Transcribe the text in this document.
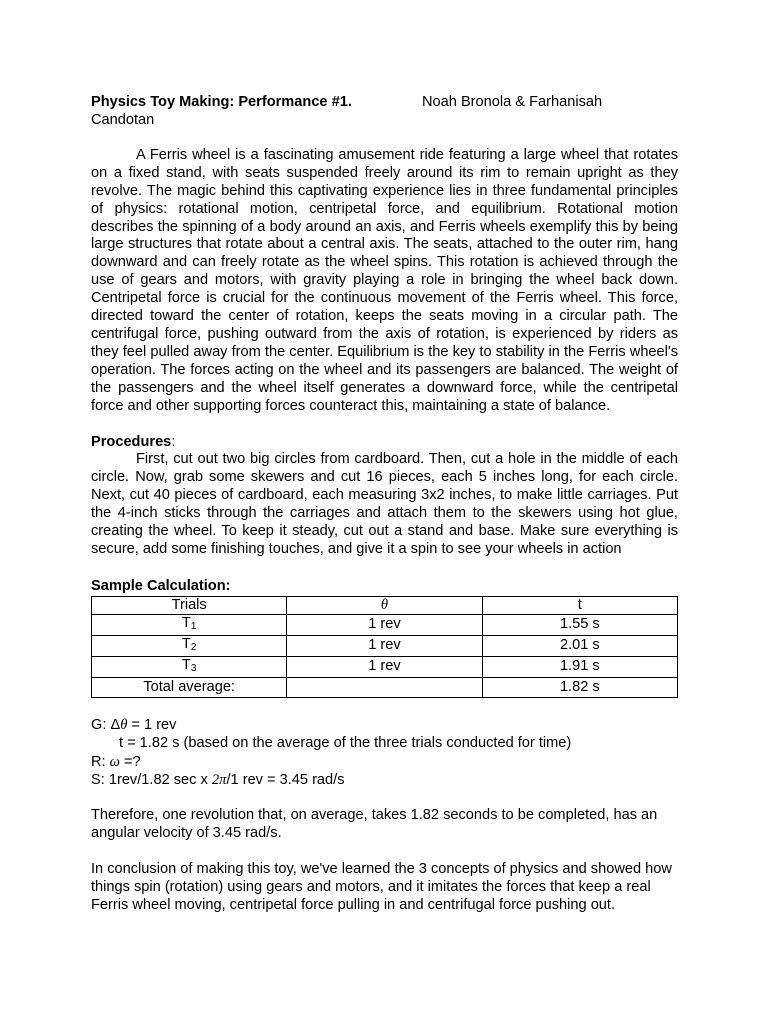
Physics Toy Making: Performance #1.	Noah Bronola & Farhanisah

Candotan

A Ferris wheel is a fascinating amusement ride featuring a large wheel that rotates on a fixed stand, with seats suspended freely around its rim to remain upright as they revolve. The magic behind this captivating experience lies in three fundamental principles of physics: rotational motion, centripetal force, and equilibrium. Rotational motion describes the spinning of a body around an axis, and Ferris wheels exemplify this by being large structures that rotate about a central axis. The seats, attached to the outer rim, hang downward and can freely rotate as the wheel spins. This rotation is achieved through the use of gears and motors, with gravity playing a role in bringing the wheel back down. Centripetal force is crucial for the continuous movement of the Ferris wheel. This force, directed toward the center of rotation, keeps the seats moving in a circular path. The centrifugal force, pushing outward from the axis of rotation, is experienced by riders as they feel pulled away from the center. Equilibrium is the key to stability in the Ferris wheel's operation. The forces acting on the wheel and its passengers are balanced. The weight of the passengers and the wheel itself generates a downward force, while the centripetal force and other supporting forces counteract this, maintaining a state of balance.

Procedures:

First, cut out two big circles from cardboard. Then, cut a hole in the middle of each circle. Now, grab some skewers and cut 16 pieces, each 5 inches long, for each circle. Next, cut 40 pieces of cardboard, each measuring 3x2 inches, to make little carriages. Put the 4-inch sticks through the carriages and attach them to the skewers using hot glue, creating the wheel. To keep it steady, cut out a stand and base. Make sure everything is secure, add some finishing touches, and give it a spin to see your wheels in action

Sample Calculation:

Trials	θ	t
$T_1$	1 rev	1.55 s
$T_2$	1 rev	2.01 s
$T_3$	1 rev	1.91 s
Total average:		1.82 s

G: Δθ = 1 rev

t = 1.82 s (based on the average of the three trials conducted for time)

R: ω =?

S: 1rev/1.82 sec x 2π/1 rev = 3.45 rad/s

Therefore, one revolution that, on average, takes 1.82 seconds to be completed, has an angular velocity of 3.45 rad/s.

In conclusion of making this toy, we've learned the 3 concepts of physics and showed how things spin (rotation) using gears and motors, and it imitates the forces that keep a real Ferris wheel moving, centripetal force pulling in and centrifugal force pushing out.
